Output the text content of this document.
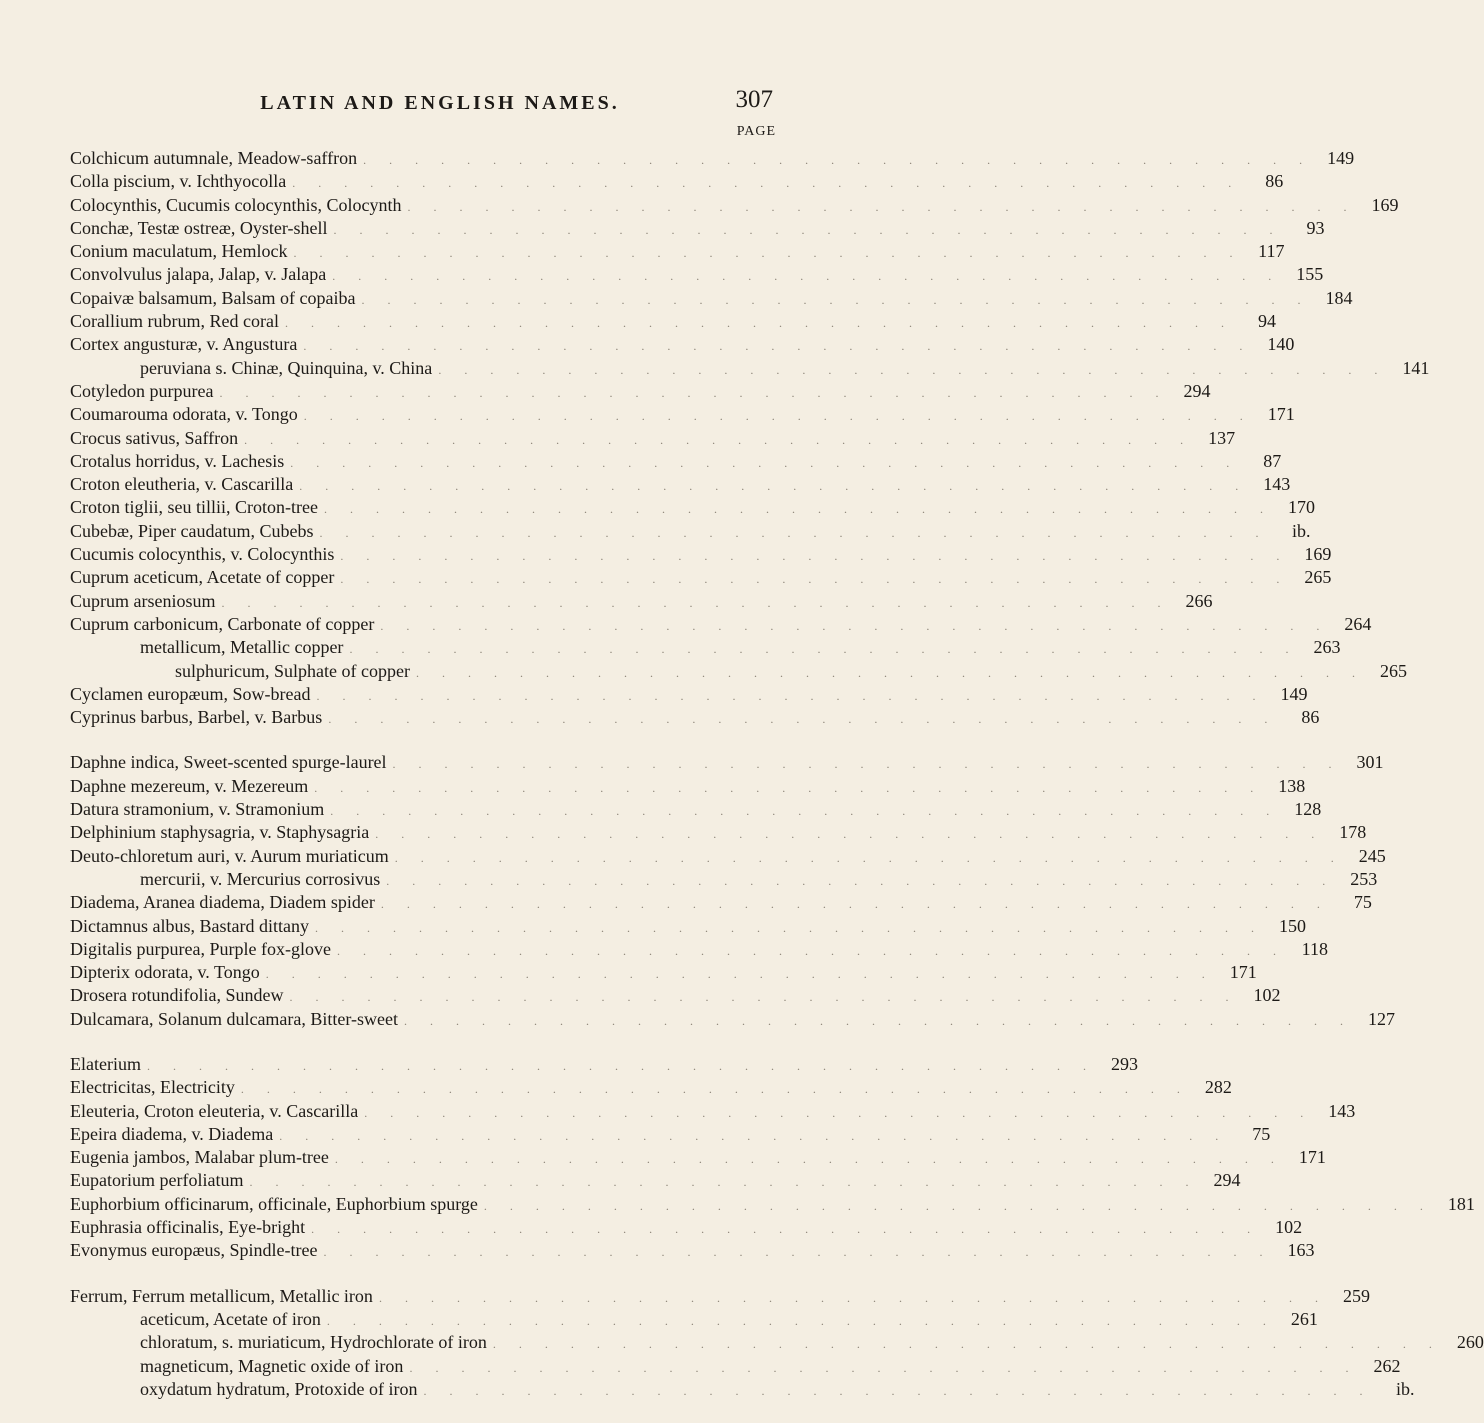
LATIN AND ENGLISH NAMES.	307
PAGE
Colchicum autumnale, Meadow-saffron . . .	149
Colla piscium, v. Ichthyocolla . . .	86
Colocynthis, Cucumis colocynthis, Colocynth . . .	169
Conchæ, Testæ ostreæ, Oyster-shell . . .	93
Conium maculatum, Hemlock . . .	117
Convolvulus jalapa, Jalap, v. Jalapa . . .	155
Copaivæ balsamum, Balsam of copaiba . . .	184
Corallium rubrum, Red coral . . .	94
Cortex angusturæ, v. Angustura . . .	140
peruviana s. Chinæ, Quinquina, v. China . . .	141
Cotyledon purpurea . . .	294
Coumarouma odorata, v. Tongo . . .	171
Crocus sativus, Saffron . . .	137
Crotalus horridus, v. Lachesis . . .	87
Croton eleutheria, v. Cascarilla . . .	143
Croton tiglii, seu tillii, Croton-tree . . .	170
Cubebæ, Piper caudatum, Cubebs . . .	ib.
Cucumis colocynthis, v. Colocynthis . . .	169
Cuprum aceticum, Acetate of copper . . .	265
Cuprum arseniosum . . .	266
Cuprum carbonicum, Carbonate of copper . . .	264
metallicum, Metallic copper . . .	263
sulphuricum, Sulphate of copper . . .	265
Cyclamen europæum, Sow-bread . . .	149
Cyprinus barbus, Barbel, v. Barbus . . .	86
Daphne indica, Sweet-scented spurge-laurel . . .	301
Daphne mezereum, v. Mezereum . . .	138
Datura stramonium, v. Stramonium . . .	128
Delphinium staphysagria, v. Staphysagria . . .	178
Deuto-chloretum auri, v. Aurum muriaticum . . .	245
mercurii, v. Mercurius corrosivus . . .	253
Diadema, Aranea diadema, Diadem spider . . .	75
Dictamnus albus, Bastard dittany . . .	150
Digitalis purpurea, Purple fox-glove . . .	118
Dipterix odorata, v. Tongo . . .	171
Drosera rotundifolia, Sundew . . .	102
Dulcamara, Solanum dulcamara, Bitter-sweet . . .	127
Elaterium . . .	293
Electricitas, Electricity . . .	282
Eleuteria, Croton eleuteria, v. Cascarilla . . .	143
Epeira diadema, v. Diadema . . .	75
Eugenia jambos, Malabar plum-tree . . .	171
Eupatorium perfoliatum . . .	294
Euphorbium officinarum, officinale, Euphorbium spurge . . .	181
Euphrasia officinalis, Eye-bright . . .	102
Evonymus europæus, Spindle-tree . . .	163
Ferrum, Ferrum metallicum, Metallic iron . . .	259
aceticum, Acetate of iron . . .	261
chloratum, s. muriaticum, Hydrochlorate of iron . . .	260
magneticum, Magnetic oxide of iron . . .	262
oxydatum hydratum, Protoxide of iron . . .	ib.
